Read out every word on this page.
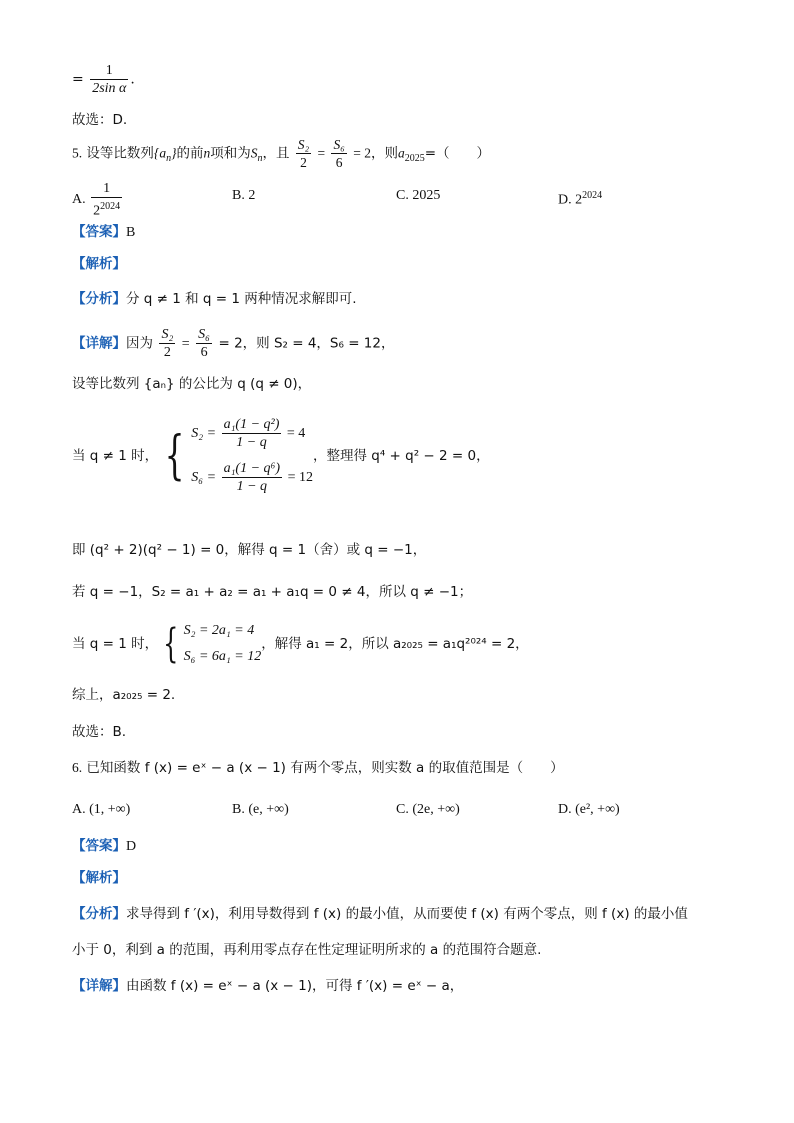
= $\frac{1}{\text{2sin α}}$ .
故选：D.
5. 设等比数列$\{a_n\}$的前n项和为$S_n$，且 $\frac{\text{S₂}}{2} = \frac{\text{S₆}}{6} = 2$，则$a_{2025}=$（　　）
A. $\frac{1}{2^{2024}}$	B. 2	C. 2025	D. $2^{2024}$
【答案】B
【解析】
【分析】分 q ≠ 1 和 q = 1 两种情况求解即可.
【详解】因为 $\frac{\text{S₂}}{2} = \frac{\text{S₆}}{6} = 2$，则 S₂ = 4，S₆ = 12，
设等比数列 {aₙ} 的公比为 q (q ≠ 0)，
当 q ≠ 1 时， { $S_2 = \frac{\text{a₁(1 − q²)}}{1 - q} = 4$
$S_6 = \frac{\text{a₁(1 − q⁶)}}{1 - q} = 12$
，整理得 q⁴ + q² − 2 = 0，
即 (q² + 2)(q² − 1) = 0，解得 q = 1（舍）或 q = −1，
若 q = −1，S₂ = a₁ + a₂ = a₁ + a₁q = 0 ≠ 4，所以 q ≠ −1；
当 q = 1 时， { S₂ = 2a₁ = 4
S₆ = 6a₁ = 12
，解得 a₁ = 2，所以 a₂₀₂₅ = a₁q²⁰²⁴ = 2，
综上，a₂₀₂₅ = 2.
故选：B.
6. 已知函数 f (x) = eˣ − a (x − 1) 有两个零点，则实数 a 的取值范围是（　　）
A. (1, +∞)	B. (e, +∞)	C. (2e, +∞)	D. (e², +∞)
【答案】D
【解析】
【分析】求导得到 f ′(x)，利用导数得到 f (x) 的最小值，从而要使 f (x) 有两个零点，则 f (x) 的最小值
小于 0，利到 a 的范围，再利用零点存在性定理证明所求的 a 的范围符合题意.
【详解】由函数 f (x) = eˣ − a (x − 1)，可得 f ′(x) = eˣ − a，
